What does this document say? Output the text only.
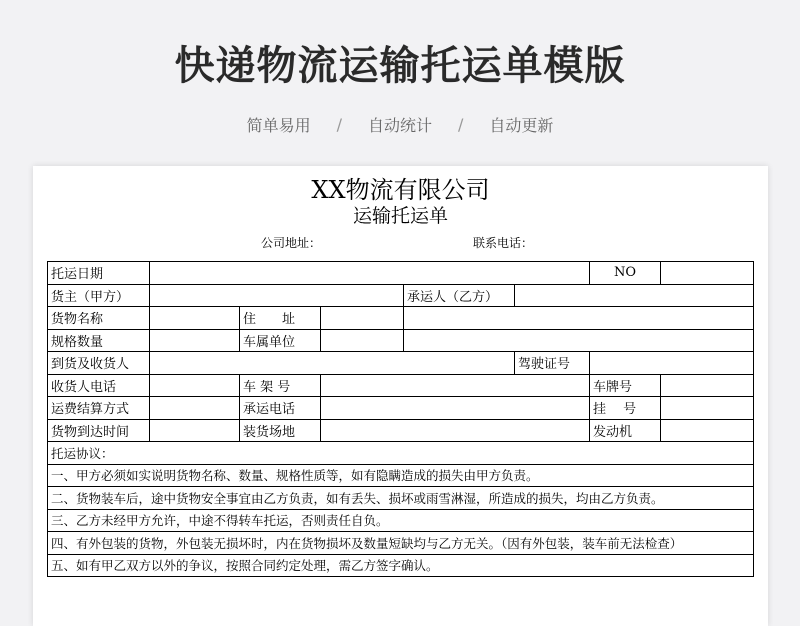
快递物流运输托运单模版
简单易用 / 自动统计 / 自动更新
XX物流有限公司
运输托运单
公司地址：	联系电话：
托运日期						NO	
货主（甲方）				承运人（乙方）			
货物名称		住　　址					
规格数量		车属单位					
到货及收货人					驾驶证号		
收货人电话		车 架 号				车牌号	
运费结算方式		承运电话				挂　 号	
货物到达时间		装货场地				发动机	
托运协议：							
一、甲方必须如实说明货物名称、数量、规格性质等，如有隐瞒造成的损失由甲方负责。							
二、货物装车后，途中货物安全事宜由乙方负责，如有丢失、损坏或雨雪淋湿，所造成的损失，均由乙方负责。							
三、乙方未经甲方允许，中途不得转车托运，否则责任自负。							
四、有外包装的货物，外包装无损坏时，内在货物损坏及数量短缺均与乙方无关。（因有外包装，装车前无法检查）							
五、如有甲乙双方以外的争议，按照合同约定处理，需乙方签字确认。							
